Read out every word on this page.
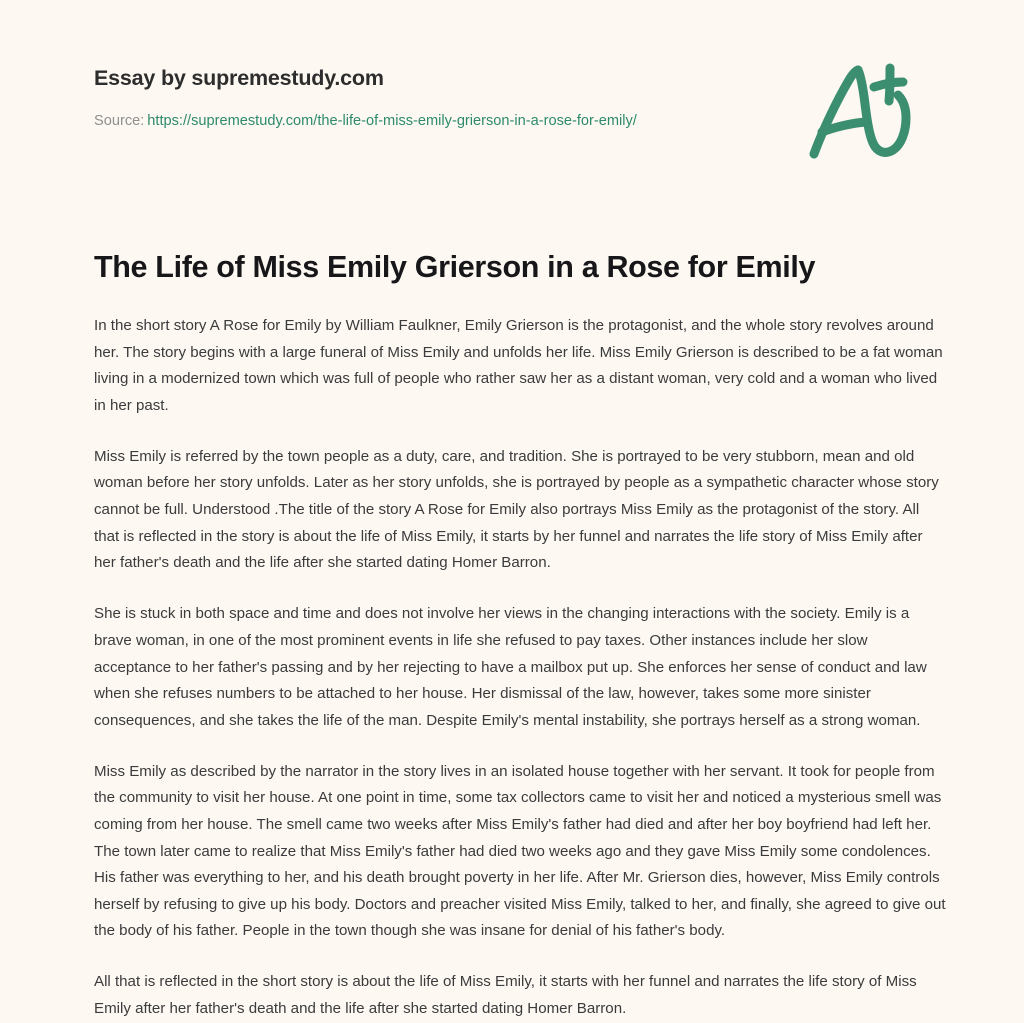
Essay by supremestudy.com
Source: https://supremestudy.com/the-life-of-miss-emily-grierson-in-a-rose-for-emily/
The Life of Miss Emily Grierson in a Rose for Emily

In the short story A Rose for Emily by William Faulkner, Emily Grierson is the protagonist, and the whole story revolves around her. The story begins with a large funeral of Miss Emily and unfolds her life. Miss Emily Grierson is described to be a fat woman living in a modernized town which was full of people who rather saw her as a distant woman, very cold and a woman who lived in her past.

Miss Emily is referred by the town people as a duty, care, and tradition. She is portrayed to be very stubborn, mean and old woman before her story unfolds. Later as her story unfolds, she is portrayed by people as a sympathetic character whose story cannot be full. Understood .The title of the story A Rose for Emily also portrays Miss Emily as the protagonist of the story. All that is reflected in the story is about the life of Miss Emily, it starts by her funnel and narrates the life story of Miss Emily after her father's death and the life after she started dating Homer Barron.

She is stuck in both space and time and does not involve her views in the changing interactions with the society. Emily is a brave woman, in one of the most prominent events in life she refused to pay taxes. Other instances include her slow acceptance to her father's passing and by her rejecting to have a mailbox put up. She enforces her sense of conduct and law when she refuses numbers to be attached to her house. Her dismissal of the law, however, takes some more sinister consequences, and she takes the life of the man. Despite Emily's mental instability, she portrays herself as a strong woman.

Miss Emily as described by the narrator in the story lives in an isolated house together with her servant. It took for people from the community to visit her house. At one point in time, some tax collectors came to visit her and noticed a mysterious smell was coming from her house. The smell came two weeks after Miss Emily's father had died and after her boy boyfriend had left her. The town later came to realize that Miss Emily's father had died two weeks ago and they gave Miss Emily some condolences. His father was everything to her, and his death brought poverty in her life. After Mr. Grierson dies, however, Miss Emily controls herself by refusing to give up his body. Doctors and preacher visited Miss Emily, talked to her, and finally, she agreed to give out the body of his father. People in the town though she was insane for denial of his father's body.

All that is reflected in the short story is about the life of Miss Emily, it starts with her funnel and narrates the life story of Miss Emily after her father's death and the life after she started dating Homer Barron.
